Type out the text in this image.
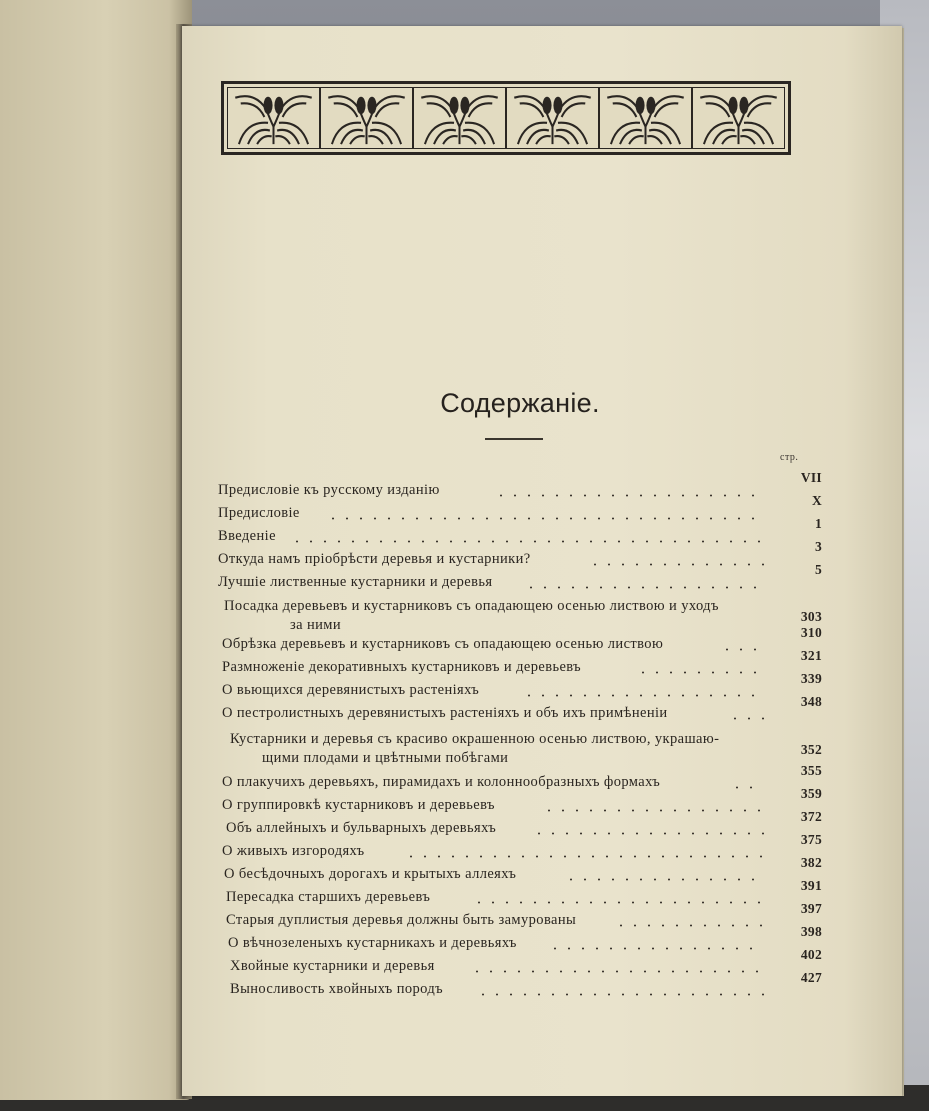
Содержаніе.
стр.
Предисловіе къ русскому изданію
VII
Предисловіе
X
Введеніе
1
Откуда намъ пріобрѣсти деревья и кустарники?
3
Лучшіе лиственные кустарники и деревья
5
Посадка деревьевъ и кустарниковъ съ опадающею осенью листвою и уходъ
за ними
303
Обрѣзка деревьевъ и кустарниковъ съ опадающею осенью листвою
310
Размноженіе декоративныхъ кустарниковъ и деревьевъ
321
О вьющихся деревянистыхъ растеніяхъ
339
О пестролистныхъ деревянистыхъ растеніяхъ и объ ихъ примѣненіи
348
Кустарники и деревья съ красиво окрашенною осенью листвою, украшаю-
щими плодами и цвѣтными побѣгами
352
О плакучихъ деревьяхъ, пирамидахъ и колоннообразныхъ формахъ
355
О группировкѣ кустарниковъ и деревьевъ
359
Объ аллейныхъ и бульварныхъ деревьяхъ
372
О живыхъ изгородяхъ
375
О бесѣдочныхъ дорогахъ и крытыхъ аллеяхъ
382
Пересадка старшихъ деревьевъ
391
Старыя дуплистыя деревья должны быть замурованы
397
О вѣчнозеленыхъ кустарникахъ и деревьяхъ
398
Хвойные кустарники и деревья
402
Выносливость хвойныхъ породъ
427
